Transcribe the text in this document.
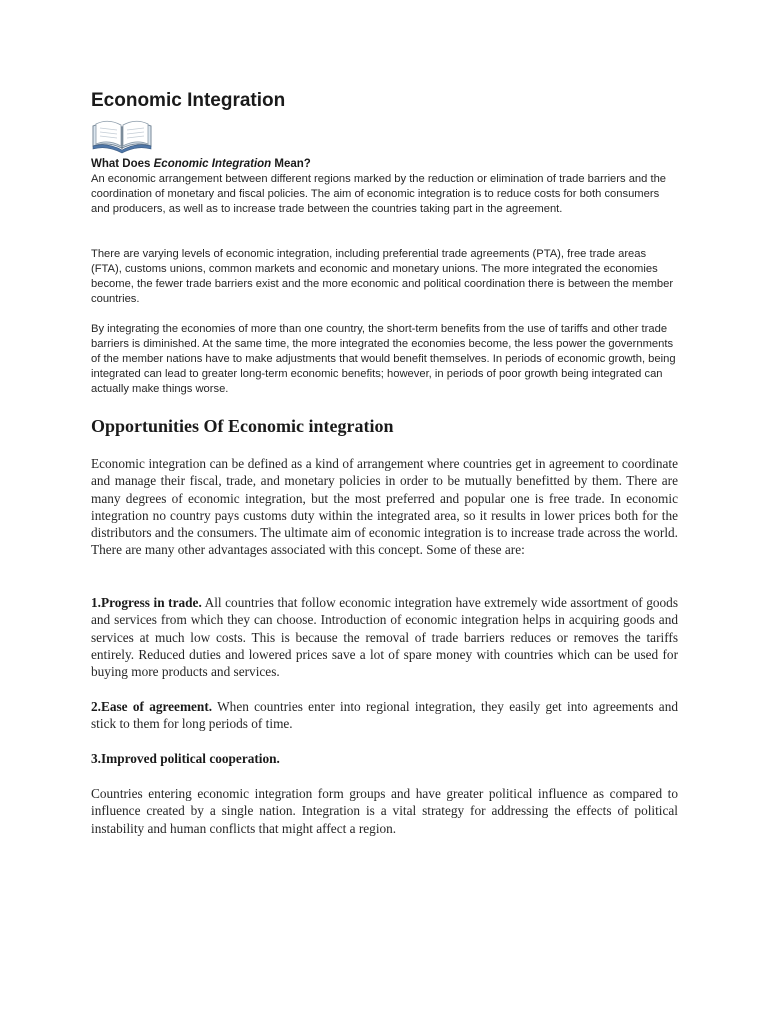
Economic Integration
What Does Economic Integration Mean?

An economic arrangement between different regions marked by the reduction or elimination of trade barriers and the coordination of monetary and fiscal policies. The aim of economic integration is to reduce costs for both consumers and producers, as well as to increase trade between the countries taking part in the agreement.

There are varying levels of economic integration, including preferential trade agreements (PTA), free trade areas (FTA), customs unions, common markets and economic and monetary unions. The more integrated the economies become, the fewer trade barriers exist and the more economic and political coordination there is between the member countries.

By integrating the economies of more than one country, the short-term benefits from the use of tariffs and other trade barriers is diminished. At the same time, the more integrated the economies become, the less power the governments of the member nations have to make adjustments that would benefit themselves. In periods of economic growth, being integrated can lead to greater long-term economic benefits; however, in periods of poor growth being integrated can actually make things worse.

Opportunities Of Economic integration

Economic integration can be defined as a kind of arrangement where countries get in agreement to coordinate and manage their fiscal, trade, and monetary policies in order to be mutually benefitted by them. There are many degrees of economic integration, but the most preferred and popular one is free trade. In economic integration no country pays customs duty within the integrated area, so it results in lower prices both for the distributors and the consumers. The ultimate aim of economic integration is to increase trade across the world. There are many other advantages associated with this concept. Some of these are:

1.Progress in trade. All countries that follow economic integration have extremely wide assortment of goods and services from which they can choose. Introduction of economic integration helps in acquiring goods and services at much low costs. This is because the removal of trade barriers reduces or removes the tariffs entirely. Reduced duties and lowered prices save a lot of spare money with countries which can be used for buying more products and services.

2.Ease of agreement. When countries enter into regional integration, they easily get into agreements and stick to them for long periods of time.

3.Improved political cooperation.

Countries entering economic integration form groups and have greater political influence as compared to influence created by a single nation. Integration is a vital strategy for addressing the effects of political instability and human conflicts that might affect a region.
